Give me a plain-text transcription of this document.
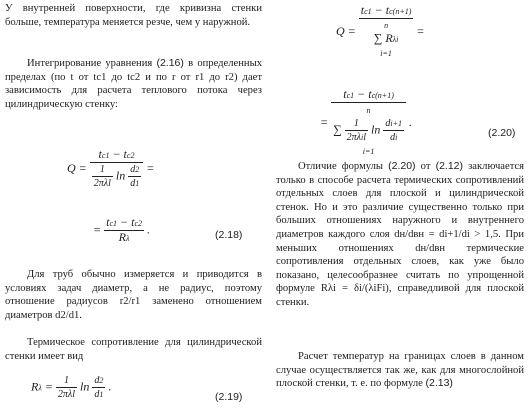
У внутренней поверхности, где кривизна стенки больше, температура меняется резче, чем у наружной.

Интегрирование уравнения (2.16) в определенных пределах (по t от tc1 до tc2 и по r от r1 до r2) дает зависимость для расчета теплового потока через цилиндрическую стенку:

$Q = \frac{tc1 - tc2}{\frac{1}{\text{2πλl}} \ln \frac{d2}{d1}}$ =
= $\frac{tc1 - tc2}{R\lambda}$ .	(2.18)

Для труб обычно измеряется и приводится в условиях задач диаметр, а не радиус, поэтому отношение радиусов r2/r1 заменено отношением диаметров d2/d1.

Термическое сопротивление для цилиндрической стенки имеет вид

$R\lambda = \frac{1}{\text{2πλl}}$ $\ln \frac{d2}{d1}$ .
(2.19)
Q =
tc1 − tc(n+1)
$^n$
∑ Rλi
i=1
=
=
tc1 − tc(n+1)
n
∑ $\frac{1}{\text{2πλil}}$ $\ln \frac{di+1}{di}$

i=1
.
(2.20)

Отличие формулы (2.20) от (2.12) заключается только в способе расчета термических сопротивлений отдельных слоев для плоской и цилиндрической стенок. Но и это различие существенно только при больших отношениях наружного и внутреннего диаметров каждого слоя dн/dвн = di+1/di > 1,5. При меньших отношениях dн/dвн термические сопротивления отдельных слоев, как уже было показано, целесообразнее считать по упрощенной формуле Rλi = δi/(λiFi), справедливой для плоской стенки.

Расчет температур на границах слоев в данном случае осуществляется так же, как для многослойной плоской стенки, т. е. по формуле (2.13)
